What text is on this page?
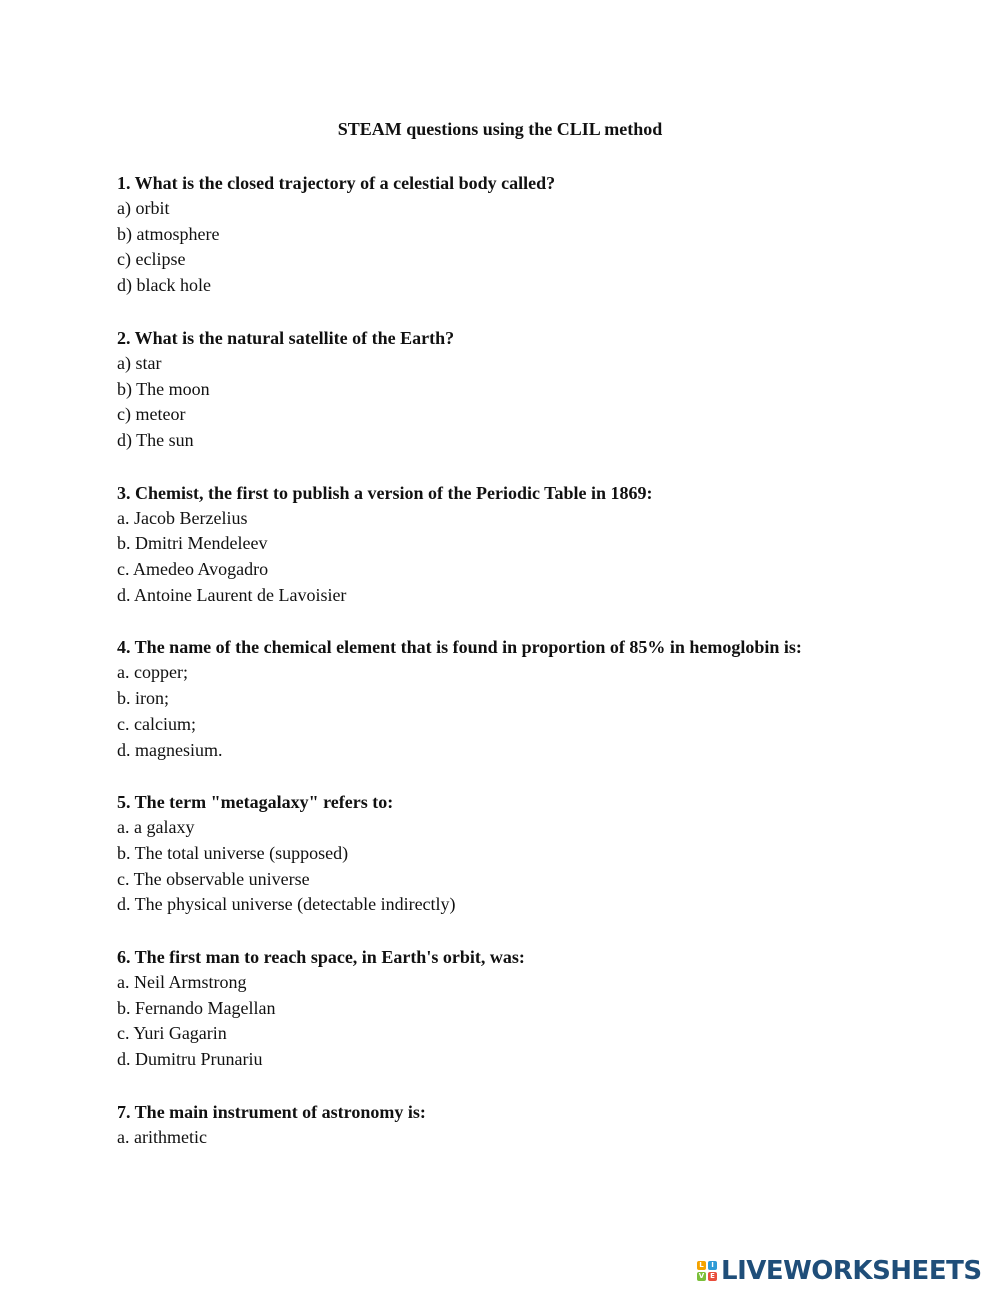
STEAM questions using the CLIL method
1. What is the closed trajectory of a celestial body called?
a) orbit
b) atmosphere
c) eclipse
d) black hole
2. What is the natural satellite of the Earth?
a) star
b) The moon
c) meteor
d) The sun
3. Chemist, the first to publish a version of the Periodic Table in 1869:
a. Jacob Berzelius
b. Dmitri Mendeleev
c. Amedeo Avogadro
d. Antoine Laurent de Lavoisier
4. The name of the chemical element that is found in proportion of 85% in hemoglobin is:
a. copper;
b. iron;
c. calcium;
d. magnesium.
5. The term "metagalaxy" refers to:
a. a galaxy
b. The total universe (supposed)
c. The observable universe
d. The physical universe (detectable indirectly)
6. The first man to reach space, in Earth's orbit, was:
a. Neil Armstrong
b. Fernando Magellan
c. Yuri Gagarin
d. Dumitru Prunariu
7. The main instrument of astronomy is:
a. arithmetic
L	I
V E LIVEWORKSHEETS
